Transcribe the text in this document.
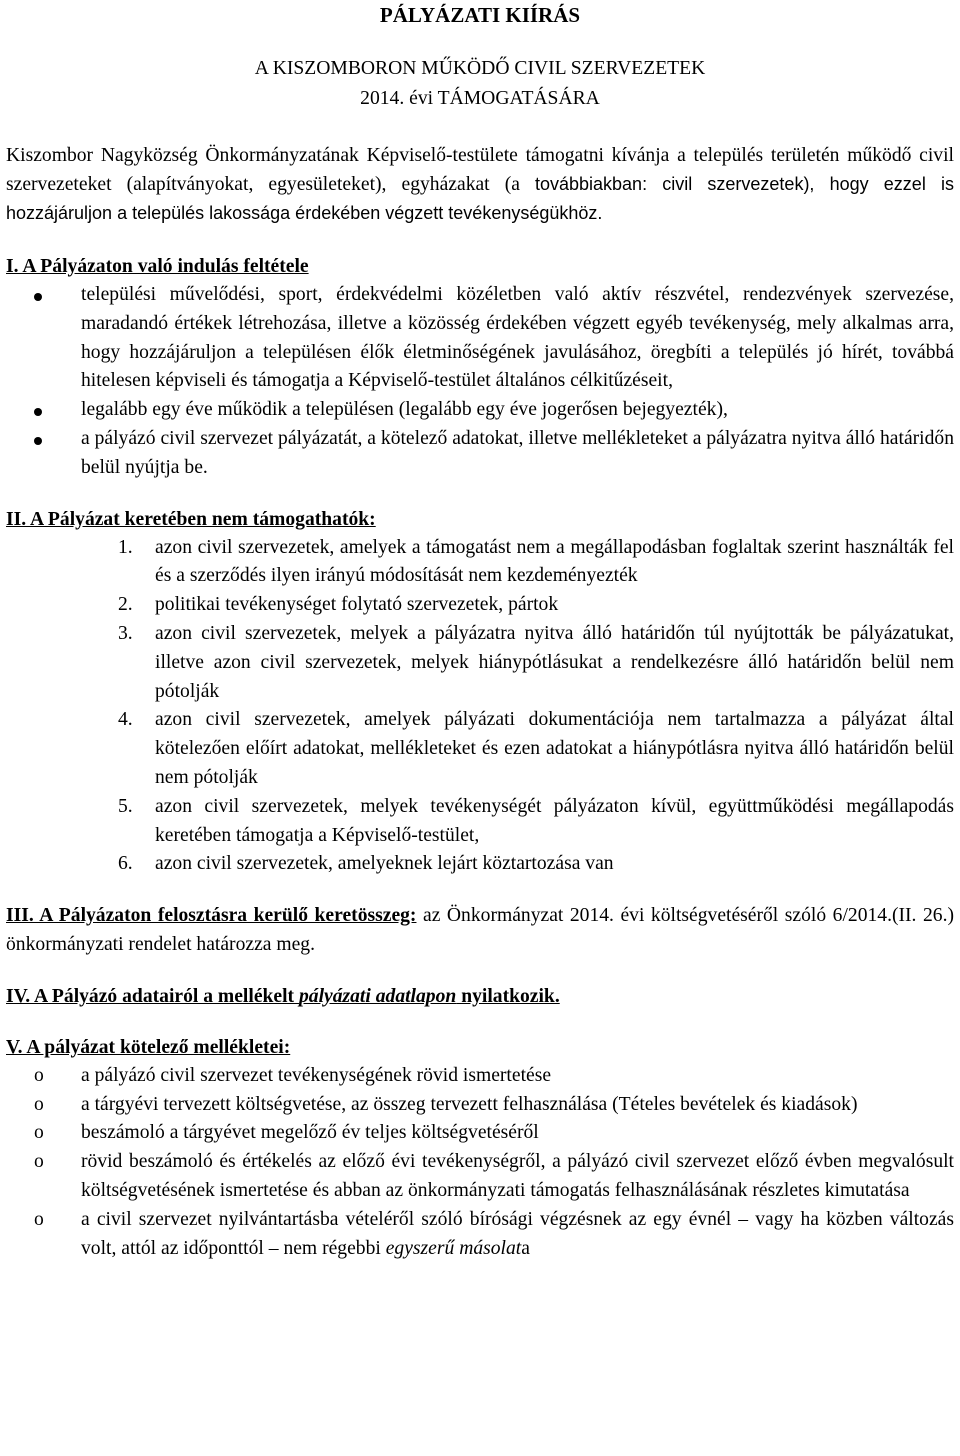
PÁLYÁZATI KIÍRÁS
A KISZOMBORON MŰKÖDŐ CIVIL SZERVEZETEK
2014. évi TÁMOGATÁSÁRA

Kiszombor Nagyközség Önkormányzatának Képviselő-testülete támogatni kívánja a település területén működő civil szervezeteket (alapítványokat, egyesületeket), egyházakat (a továbbiakban: civil szervezetek), hogy ezzel is hozzájáruljon a település lakossága érdekében végzett tevékenységükhöz.

I. A Pályázaton való indulás feltétele
települési művelődési, sport, érdekvédelmi közéletben való aktív részvétel, rendezvények szervezése, maradandó értékek létrehozása, illetve a közösség érdekében végzett egyéb tevékenység, mely alkalmas arra, hogy hozzájáruljon a településen élők életminőségének javulásához, öregbíti a település jó hírét, továbbá hitelesen képviseli és támogatja a Képviselő-testület általános célkitűzéseit,
legalább egy éve működik a településen (legalább egy éve jogerősen bejegyezték),
a pályázó civil szervezet pályázatát, a kötelező adatokat, illetve mellékleteket a pályázatra nyitva álló határidőn belül nyújtja be.
II. A Pályázat keretében nem támogathatók:
1. azon civil szervezetek, amelyek a támogatást nem a megállapodásban foglaltak szerint használták fel és a szerződés ilyen irányú módosítását nem kezdeményezték
2. politikai tevékenységet folytató szervezetek, pártok
3. azon civil szervezetek, melyek a pályázatra nyitva álló határidőn túl nyújtották be pályázatukat, illetve azon civil szervezetek, melyek hiánypótlásukat a rendelkezésre álló határidőn belül nem pótolják
4. azon civil szervezetek, amelyek pályázati dokumentációja nem tartalmazza a pályázat által kötelezően előírt adatokat, mellékleteket és ezen adatokat a hiánypótlásra nyitva álló határidőn belül nem pótolják
5. azon civil szervezetek, melyek tevékenységét pályázaton kívül, együttműködési megállapodás keretében támogatja a Képviselő-testület,
6. azon civil szervezetek, amelyeknek lejárt köztartozása van
III. A Pályázaton felosztásra kerülő keretösszeg: az Önkormányzat 2014. évi költségvetéséről szóló 6/2014.(II. 26.) önkormányzati rendelet határozza meg.
IV. A Pályázó adatairól a mellékelt pályázati adatlapon nyilatkozik.
V. A pályázat kötelező mellékletei:
o a pályázó civil szervezet tevékenységének rövid ismertetése
o a tárgyévi tervezett költségvetése, az összeg tervezett felhasználása (Tételes bevételek és kiadások)
o beszámoló a tárgyévet megelőző év teljes költségvetéséről
o rövid beszámoló és értékelés az előző évi tevékenységről, a pályázó civil szervezet előző évben megvalósult költségvetésének ismertetése és abban az önkormányzati támogatás felhasználásának részletes kimutatása
o a civil szervezet nyilvántartásba vételéről szóló bírósági végzésnek az egy évnél – vagy ha közben változás volt, attól az időponttól – nem régebbi egyszerű másolata
